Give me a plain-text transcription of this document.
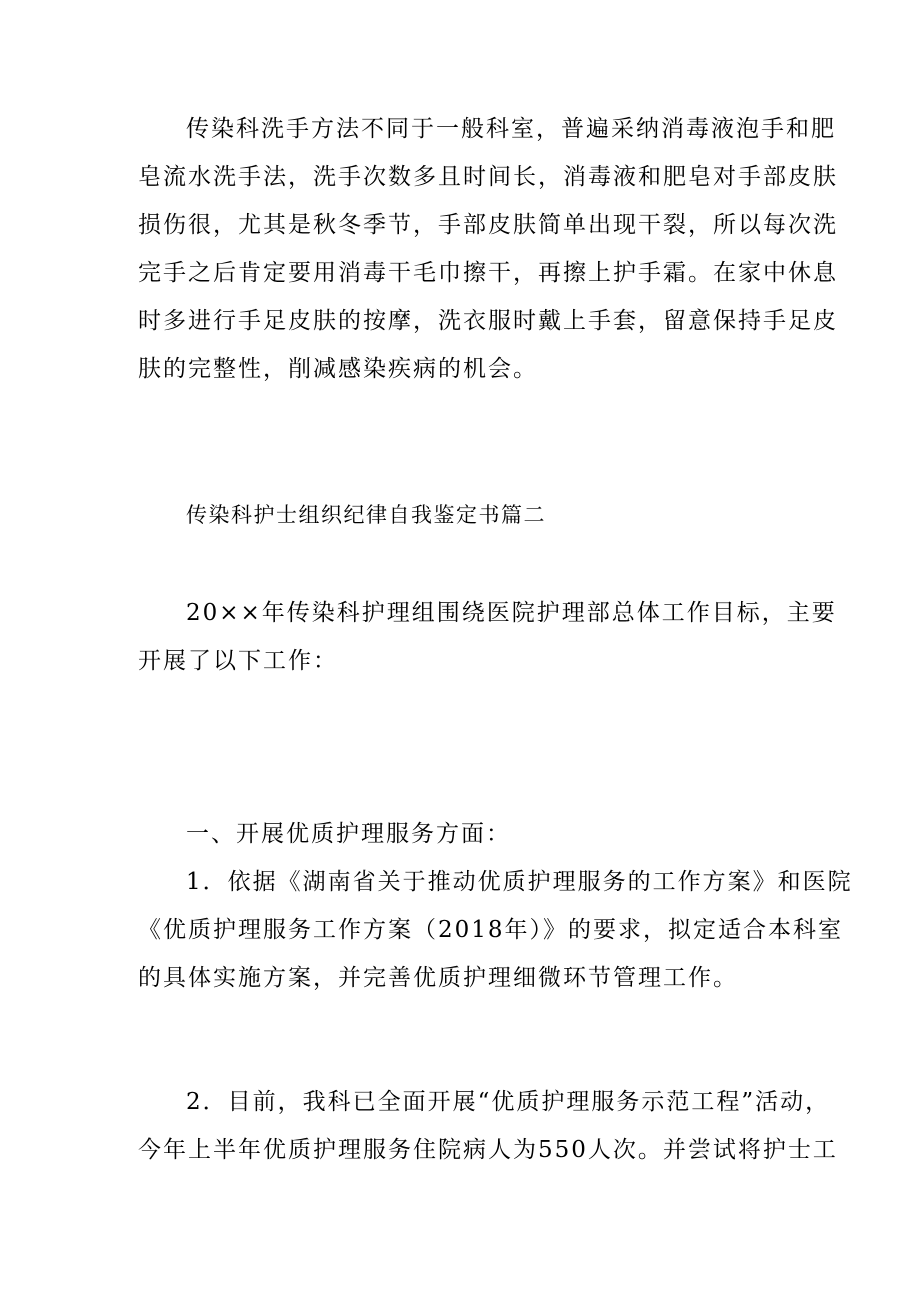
传染科洗手方法不同于一般科室，普遍采纳消毒液泡手和肥
皂流水洗手法，洗手次数多且时间长，消毒液和肥皂对手部皮肤
损伤很，尤其是秋冬季节，手部皮肤简单出现干裂，所以每次洗
完手之后肯定要用消毒干毛巾擦干，再擦上护手霜。在家中休息
时多进行手足皮肤的按摩，洗衣服时戴上手套，留意保持手足皮
肤的完整性，削减感染疾病的机会。
传染科护士组织纪律自我鉴定书篇二
20××年传染科护理组围绕医院护理部总体工作目标，主要
开展了以下工作：
一、开展优质护理服务方面：
1．依据《湖南省关于推动优质护理服务的工作方案》和医院
《优质护理服务工作方案（2018年）》的要求，拟定适合本科室
的具体实施方案，并完善优质护理细微环节管理工作。
2．目前，我科已全面开展“优质护理服务示范工程”活动，
今年上半年优质护理服务住院病人为550人次。并尝试将护士工
